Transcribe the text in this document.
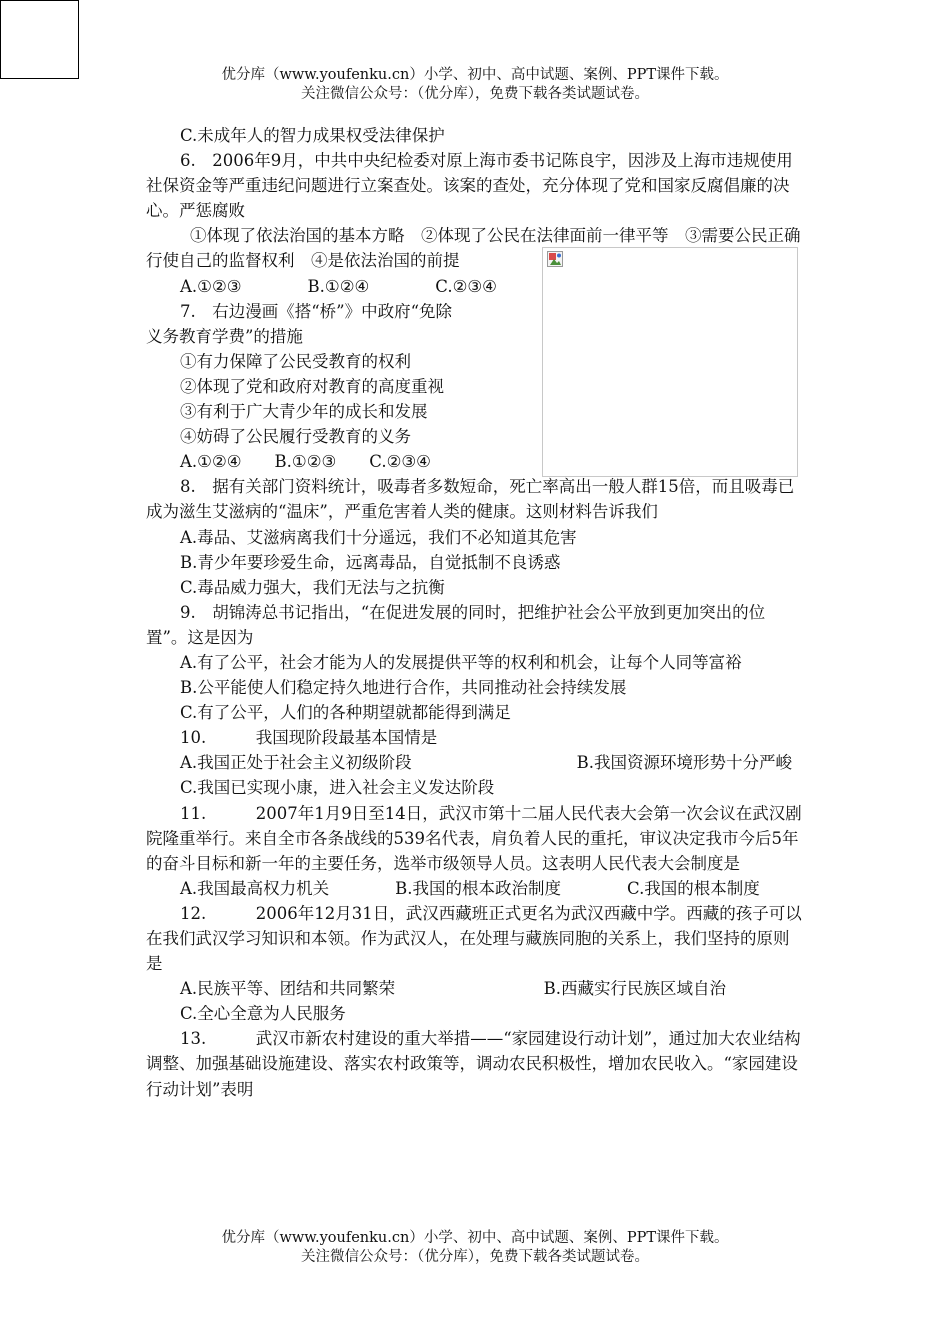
优分库（www.youfenku.cn）小学、初中、高中试题、案例、PPT课件下载。
关注微信公众号：（优分库），免费下载各类试题试卷。

C.未成年人的智力成果权受法律保护

6.　2006年9月，中共中央纪检委对原上海市委书记陈良宇，因涉及上海市违规使用社保资金等严重违纪问题进行立案查处。该案的查处，充分体现了党和国家反腐倡廉的决心。严惩腐败

①体现了依法治国的基本方略　②体现了公民在法律面前一律平等　③需要公民正确行使自己的监督权利　④是依法治国的前提

A.①②③　　　　B.①②④　　　　C.②③④

7.　右边漫画《搭“桥”》中政府“免除

义务教育学费”的措施

①有力保障了公民受教育的权利

②体现了党和政府对教育的高度重视

③有利于广大青少年的成长和发展

④妨碍了公民履行受教育的义务

A.①②④　　B.①②③　　C.②③④

8.　据有关部门资料统计，吸毒者多数短命，死亡率高出一般人群15倍，而且吸毒已成为滋生艾滋病的“温床”，严重危害着人类的健康。这则材料告诉我们

A.毒品、艾滋病离我们十分遥远，我们不必知道其危害

B.青少年要珍爱生命，远离毒品，自觉抵制不良诱惑

C.毒品威力强大，我们无法与之抗衡

9.　胡锦涛总书记指出，“在促进发展的同时，把维护社会公平放到更加突出的位置”。这是因为

A.有了公平，社会才能为人的发展提供平等的权利和机会，让每个人同等富裕

B.公平能使人们稳定持久地进行合作，共同推动社会持续发展

C.有了公平，人们的各种期望就都能得到满足

10.　　　我国现阶段最基本国情是

A.我国正处于社会主义初级阶段　　　　　　　　　　B.我国资源环境形势十分严峻

C.我国已实现小康，进入社会主义发达阶段

11.　　　2007年1月9日至14日，武汉市第十二届人民代表大会第一次会议在武汉剧院隆重举行。来自全市各条战线的539名代表，肩负着人民的重托，审议决定我市今后5年的奋斗目标和新一年的主要任务，选举市级领导人员。这表明人民代表大会制度是

A.我国最高权力机关　　　　B.我国的根本政治制度　　　　C.我国的根本制度

12.　　　2006年12月31日，武汉西藏班正式更名为武汉西藏中学。西藏的孩子可以在我们武汉学习知识和本领。作为武汉人，在处理与藏族同胞的关系上，我们坚持的原则是

A.民族平等、团结和共同繁荣　　　　　　　　　B.西藏实行民族区域自治

C.全心全意为人民服务

13.　　　武汉市新农村建设的重大举措——“家园建设行动计划”，通过加大农业结构调整、加强基础设施建设、落实农村政策等，调动农民积极性，增加农民收入。“家园建设行动计划”表明

优分库（www.youfenku.cn）小学、初中、高中试题、案例、PPT课件下载。
关注微信公众号：（优分库），免费下载各类试题试卷。
